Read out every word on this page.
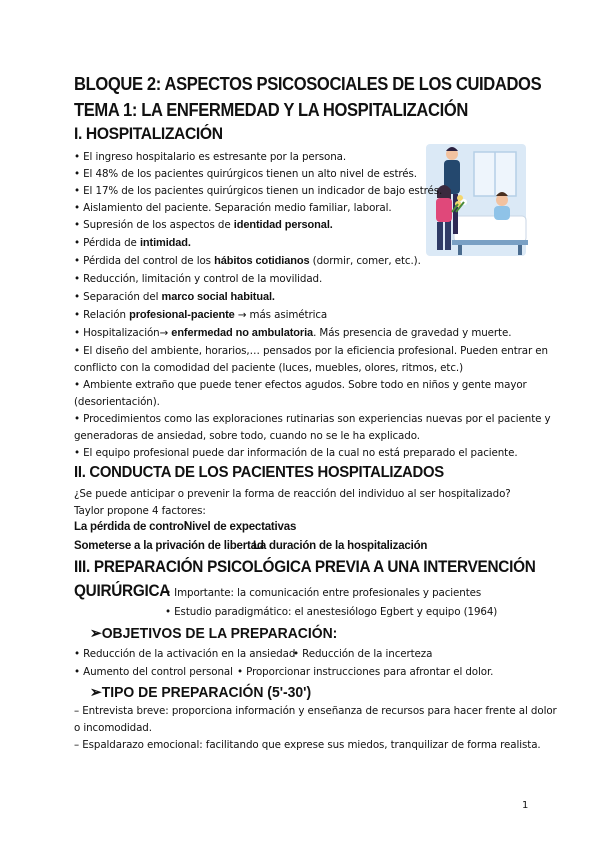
BLOQUE 2: ASPECTOS PSICOSOCIALES DE LOS CUIDADOS
TEMA 1: LA ENFERMEDAD Y LA HOSPITALIZACIÓN
I. HOSPITALIZACIÓN
• El ingreso hospitalario es estresante por la persona.
• El 48% de los pacientes quirúrgicos tienen un alto nivel de estrés.
• El 17% de los pacientes quirúrgicos tienen un indicador de bajo estrés.
• Aislamiento del paciente. Separación medio familiar, laboral.
• Supresión de los aspectos de identidad personal.
• Pérdida de intimidad.
• Pérdida del control de los hábitos cotidianos (dormir, comer, etc.).
• Reducción, limitación y control de la movilidad.
• Separación del marco social habitual.
• Relación profesional-paciente → más asimétrica
• Hospitalización→ enfermedad no ambulatoria. Más presencia de gravedad y muerte.
• El diseño del ambiente, horarios,… pensados por la eficiencia profesional. Pueden entrar en
conflicto con la comodidad del paciente (luces, muebles, olores, ritmos, etc.)
• Ambiente extraño que puede tener efectos agudos. Sobre todo en niños y gente mayor
(desorientación).
• Procedimientos como las exploraciones rutinarias son experiencias nuevas por el paciente y
generadoras de ansiedad, sobre todo, cuando no se le ha explicado.
• El equipo profesional puede dar información de la cual no está preparado el paciente.
II. CONDUCTA DE LOS PACIENTES HOSPITALIZADOS
¿Se puede anticipar o prevenir la forma de reacción del individuo al ser hospitalizado?
Taylor propone 4 factores:
La pérdida de control
Nivel de expectativas
Someterse a la privación de libertad
La duración de la hospitalización
III. PREPARACIÓN PSICOLÓGICA PREVIA A UNA INTERVENCIÓN
QUIRÚRGICA
• Importante: la comunicación entre profesionales y pacientes
• Estudio paradigmático: el anestesiólogo Egbert y equipo (1964)
➢OBJETIVOS DE LA PREPARACIÓN:
• Reducción de la activación en la ansiedad
• Reducción de la incerteza
• Aumento del control personal • Proporcionar instrucciones para afrontar el dolor.
➢TIPO DE PREPARACIÓN (5'-30')
– Entrevista breve: proporciona información y enseñanza de recursos para hacer frente al dolor
o incomodidad.
– Espaldarazo emocional: facilitando que exprese sus miedos, tranquilizar de forma realista.
1
